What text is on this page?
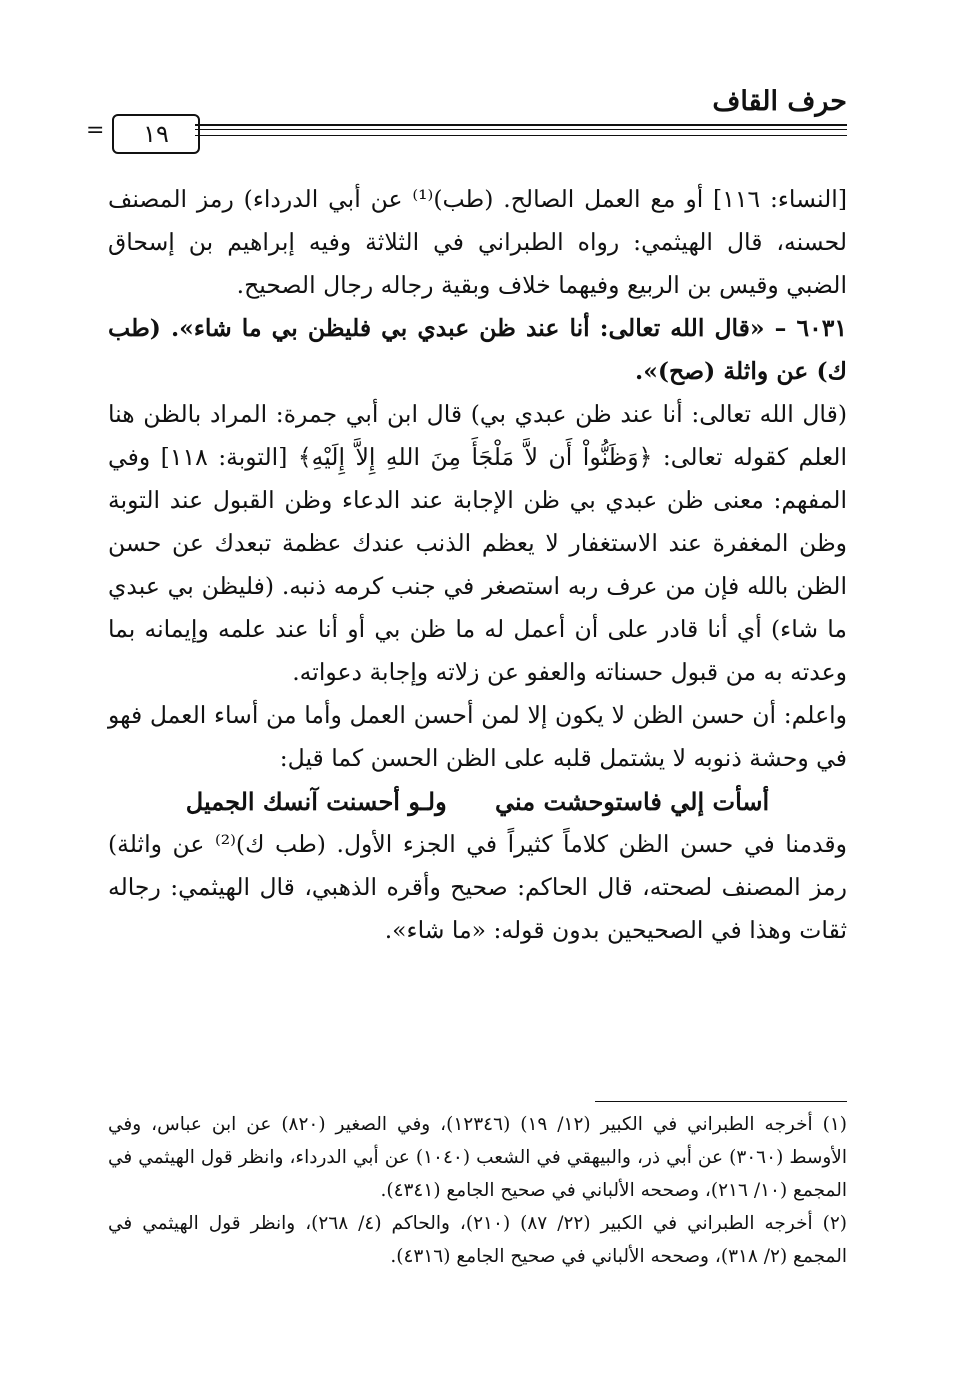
حرف القاف
=	١٩

[النساء: ١١٦] أو مع العمل الصالح. (طب)⁽¹⁾ عن أبي الدرداء) رمز المصنف لحسنه، قال الهيثمي: رواه الطبراني في الثلاثة وفيه إبراهيم بن إسحاق الضبي وقيس بن الربيع وفيهما خلاف وبقية رجاله رجال الصحيح.

٦٠٣١ – «قال الله تعالى: أنا عند ظن عبدي بي فليظن بي ما شاء». (طب ك) عن واثلة (صح)».

(قال الله تعالى: أنا عند ظن عبدي بي) قال ابن أبي جمرة: المراد بالظن هنا العلم كقوله تعالى: ﴿وَظَنُّواْ أَن لاَّ مَلْجَأَ مِنَ اللهِ إِلاَّ إِلَيْهِ﴾ [التوبة: ١١٨] وفي المفهم: معنى ظن عبدي بي ظن الإجابة عند الدعاء وظن القبول عند التوبة وظن المغفرة عند الاستغفار لا يعظم الذنب عندك عظمة تبعدك عن حسن الظن بالله فإن من عرف ربه استصغر في جنب كرمه ذنبه. (فليظن بي عبدي ما شاء) أي أنا قادر على أن أعمل له ما ظن بي أو أنا عند علمه وإيمانه بما وعدته به من قبول حسناته والعفو عن زلاته وإجابة دعواته.

واعلم: أن حسن الظن لا يكون إلا لمن أحسن العمل وأما من أساء العمل فهو في وحشة ذنوبه لا يشتمل قلبه على الظن الحسن كما قيل:

أسأت إلي فاستوحشت مني ولـو أحسنت آنسك الجميل

وقدمنا في حسن الظن كلاماً كثيراً في الجزء الأول. (طب ك)⁽²⁾ عن واثلة) رمز المصنف لصحته، قال الحاكم: صحيح وأقره الذهبي، قال الهيثمي: رجاله ثقات وهذا في الصحيحين بدون قوله: «ما شاء».

(١) أخرجه الطبراني في الكبير (١٢/ ١٩) (١٢٣٤٦)، وفي الصغير (٨٢٠) عن ابن عباس، وفي الأوسط (٣٠٦٠) عن أبي ذر، والبيهقي في الشعب (١٠٤٠) عن أبي الدرداء، وانظر قول الهيثمي في المجمع (١٠/ ٢١٦)، وصححه الألباني في صحيح الجامع (٤٣٤١).

(٢) أخرجه الطبراني في الكبير (٢٢/ ٨٧) (٢١٠)، والحاكم (٤/ ٢٦٨)، وانظر قول الهيثمي في المجمع (٢/ ٣١٨)، وصححه الألباني في صحيح الجامع (٤٣١٦).
